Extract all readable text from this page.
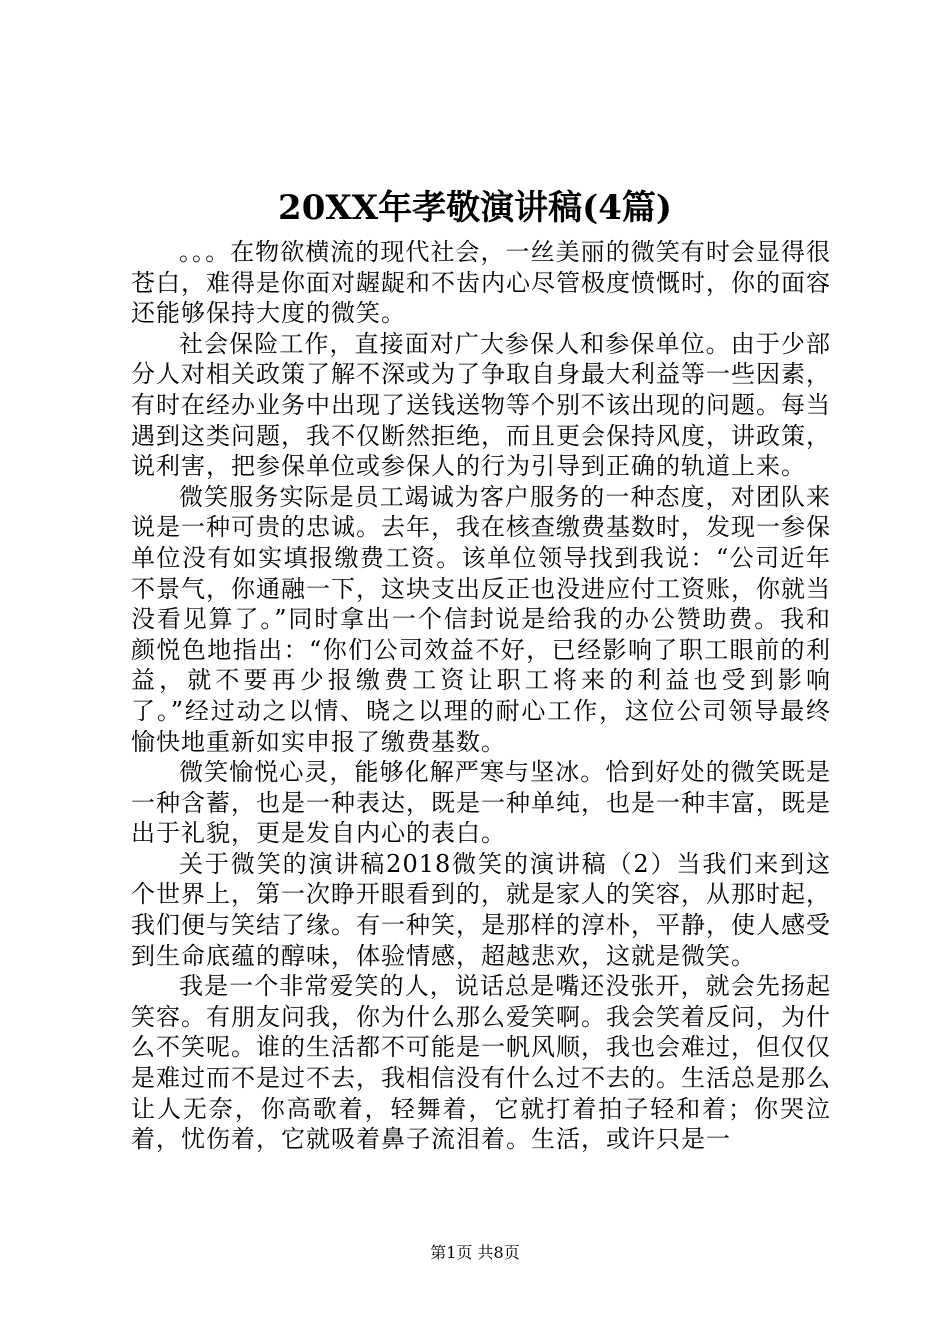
20XX年孝敬演讲稿(4篇)

。。。在物欲横流的现代社会，一丝美丽的微笑有时会显得很苍白，难得是你面对龌龊和不齿内心尽管极度愤慨时，你的面容还能够保持大度的微笑。

社会保险工作，直接面对广大参保人和参保单位。由于少部分人对相关政策了解不深或为了争取自身最大利益等一些因素，有时在经办业务中出现了送钱送物等个别不该出现的问题。每当遇到这类问题，我不仅断然拒绝，而且更会保持风度，讲政策，说利害，把参保单位或参保人的行为引导到正确的轨道上来。

微笑服务实际是员工竭诚为客户服务的一种态度，对团队来说是一种可贵的忠诚。去年，我在核查缴费基数时，发现一参保单位没有如实填报缴费工资。该单位领导找到我说：“公司近年不景气，你通融一下，这块支出反正也没进应付工资账，你就当没看见算了。”同时拿出一个信封说是给我的办公赞助费。我和颜悦色地指出：“你们公司效益不好，已经影响了职工眼前的利益，就不要再少报缴费工资让职工将来的利益也受到影响了。”经过动之以情、晓之以理的耐心工作，这位公司领导最终愉快地重新如实申报了缴费基数。

微笑愉悦心灵，能够化解严寒与坚冰。恰到好处的微笑既是一种含蓄，也是一种表达，既是一种单纯，也是一种丰富，既是出于礼貌，更是发自内心的表白。

关于微笑的演讲稿2018微笑的演讲稿（2）当我们来到这个世界上，第一次睁开眼看到的，就是家人的笑容，从那时起，我们便与笑结了缘。有一种笑，是那样的淳朴，平静，使人感受到生命底蕴的醇味，体验情感，超越悲欢，这就是微笑。

我是一个非常爱笑的人，说话总是嘴还没张开，就会先扬起笑容。有朋友问我，你为什么那么爱笑啊。我会笑着反问，为什么不笑呢。谁的生活都不可能是一帆风顺，我也会难过，但仅仅是难过而不是过不去，我相信没有什么过不去的。生活总是那么让人无奈，你高歌着，轻舞着，它就打着拍子轻和着；你哭泣着，忧伤着，它就吸着鼻子流泪着。生活，或许只是一

第1页 共8页
